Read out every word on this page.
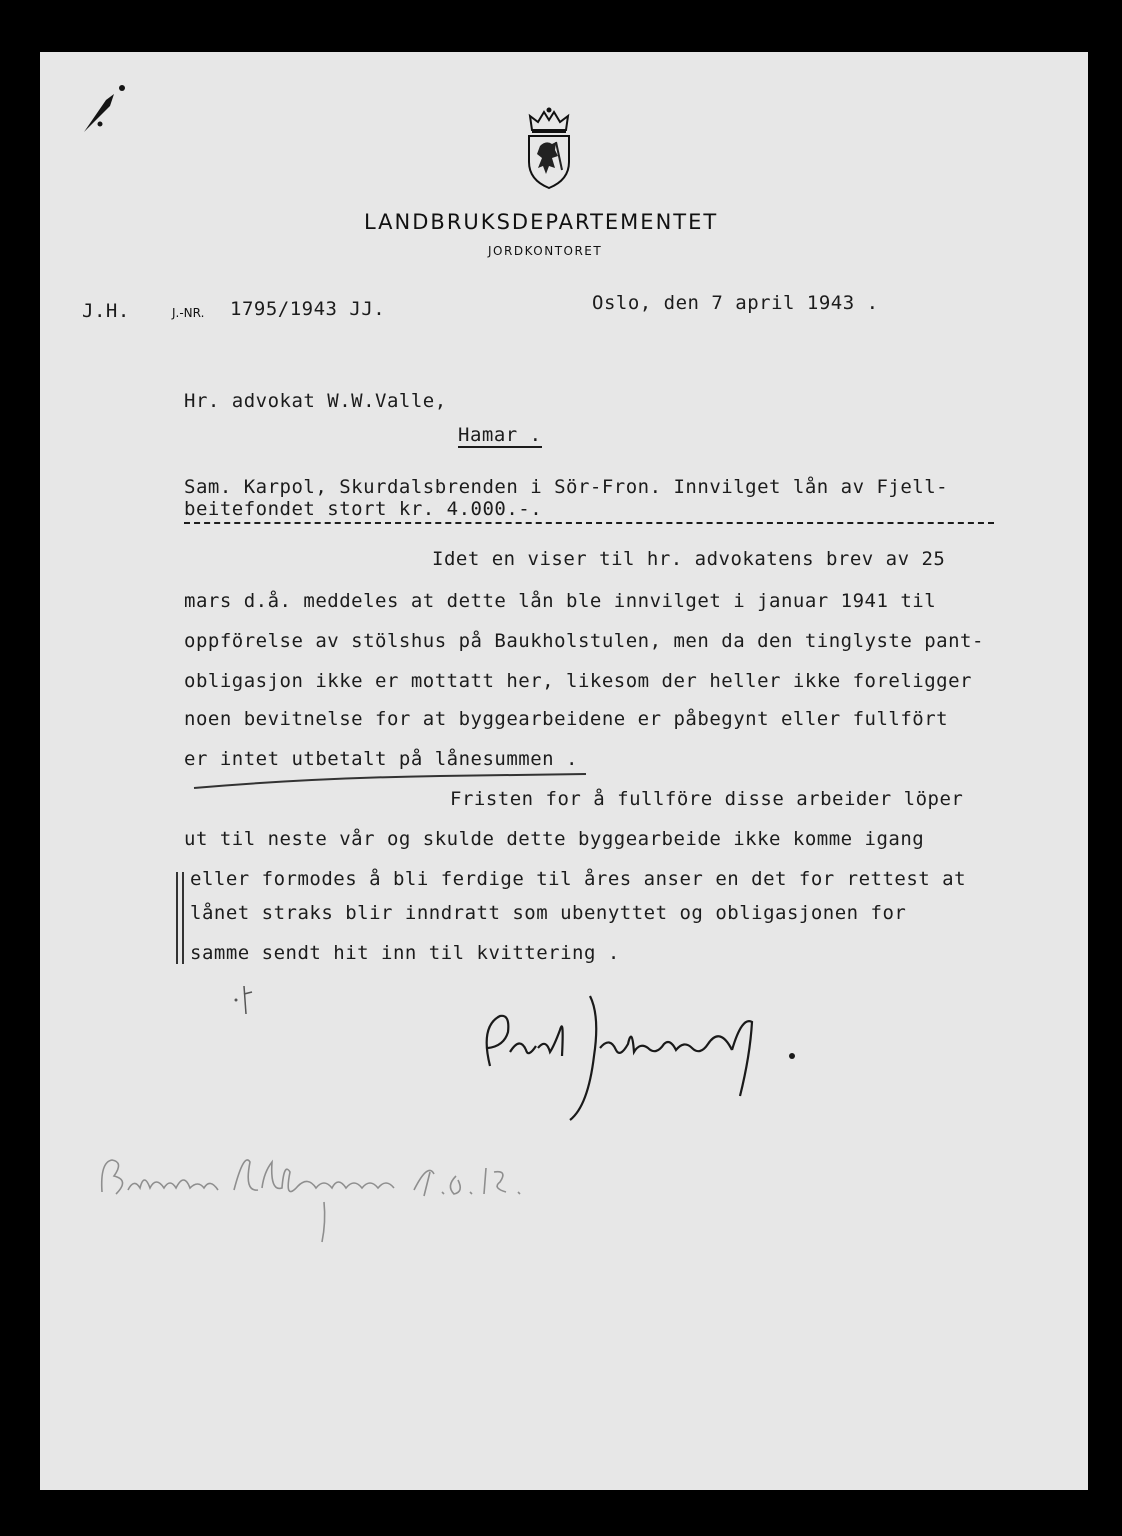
LANDBRUKSDEPARTEMENTET
JORDKONTORET
J.H.	J.-NR. 1795/1943 JJ.	Oslo, den 7 april 1943 .
Hr. advokat W.W.Valle,
Hamar .
Sam. Karpol, Skurdalsbrenden i Sör-Fron. Innvilget lån av Fjell-
beitefondet stort kr. 4.000.-.
Idet en viser til hr. advokatens brev av 25
mars d.å. meddeles at dette lån ble innvilget i januar 1941 til
oppförelse av stölshus på Baukholstulen, men da den tinglyste pant-
obligasjon ikke er mottatt her, likesom der heller ikke foreligger
noen bevitnelse for at byggearbeidene er påbegynt eller fullfört
er intet utbetalt på lånesummen .
Fristen for å fullföre disse arbeider löper
ut til neste vår og skulde dette byggearbeide ikke komme igang
eller formodes å bli ferdige til åres anser en det for rettest at
lånet straks blir inndratt som ubenyttet og obligasjonen for
samme sendt hit inn til kvittering .
